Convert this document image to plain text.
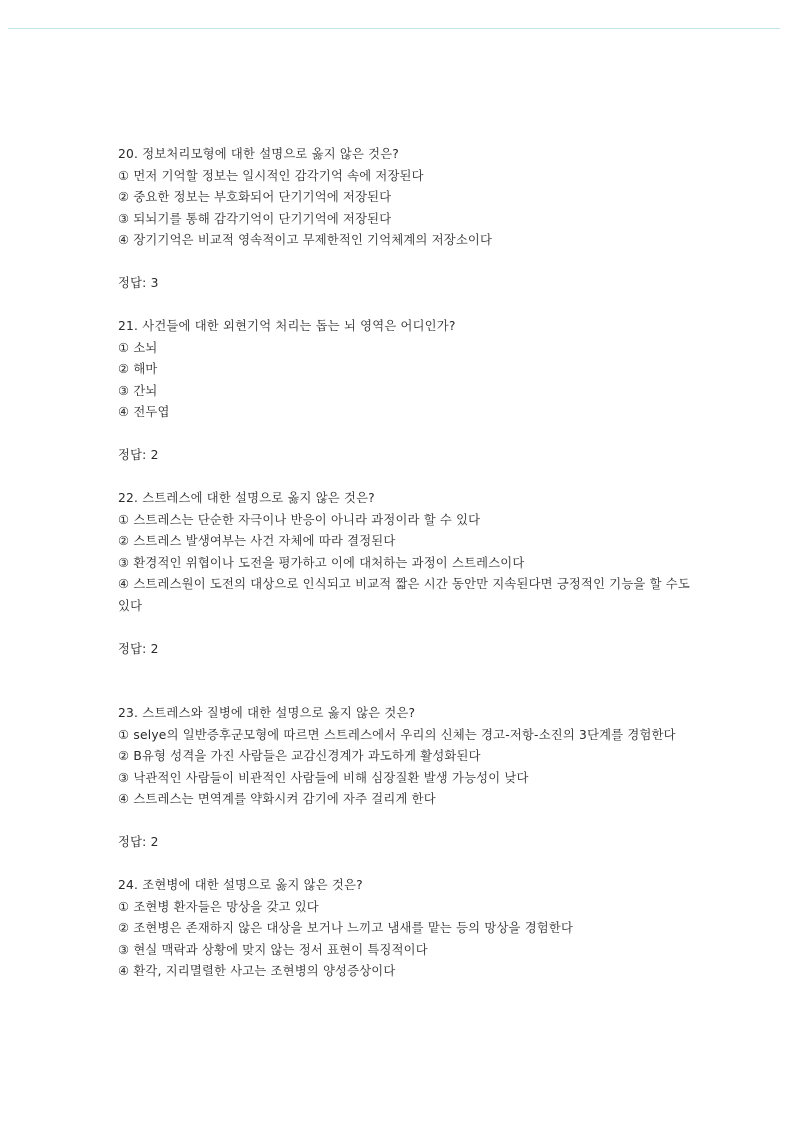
20. 정보처리모형에 대한 설명으로 옳지 않은 것은?
① 먼저 기억할 정보는 일시적인 감각기억 속에 저장된다
② 중요한 정보는 부호화되어 단기기억에 저장된다
③ 되뇌기를 통해 감각기억이 단기기억에 저장된다
④ 장기기억은 비교적 영속적이고 무제한적인 기억체계의 저장소이다
정답: 3
21. 사건들에 대한 외현기억 처리는 돕는 뇌 영역은 어디인가?
① 소뇌
② 해마
③ 간뇌
④ 전두엽
정답: 2
22. 스트레스에 대한 설명으로 옳지 않은 것은?
① 스트레스는 단순한 자극이나 반응이 아니라 과정이라 할 수 있다
② 스트레스 발생여부는 사건 자체에 따라 결정된다
③ 환경적인 위협이나 도전을 평가하고 이에 대처하는 과정이 스트레스이다
④ 스트레스원이 도전의 대상으로 인식되고 비교적 짧은 시간 동안만 지속된다면 긍정적인 기능을 할 수도 있다
정답: 2
23. 스트레스와 질병에 대한 설명으로 옳지 않은 것은?
① selye의 일반증후군모형에 따르면 스트레스에서 우리의 신체는 경고-저항-소진의 3단계를 경험한다
② B유형 성격을 가진 사람들은 교감신경계가 과도하게 활성화된다
③ 낙관적인 사람들이 비관적인 사람들에 비해 심장질환 발생 가능성이 낮다
④ 스트레스는 면역계를 약화시켜 감기에 자주 걸리게 한다
정답: 2
24. 조현병에 대한 설명으로 옳지 않은 것은?
① 조현병 환자들은 망상을 갖고 있다
② 조현병은 존재하지 않은 대상을 보거나 느끼고 냄새를 맡는 등의 망상을 경험한다
③ 현실 맥락과 상황에 맞지 않는 정서 표현이 특징적이다
④ 환각, 지리멸렬한 사고는 조현병의 양성증상이다
